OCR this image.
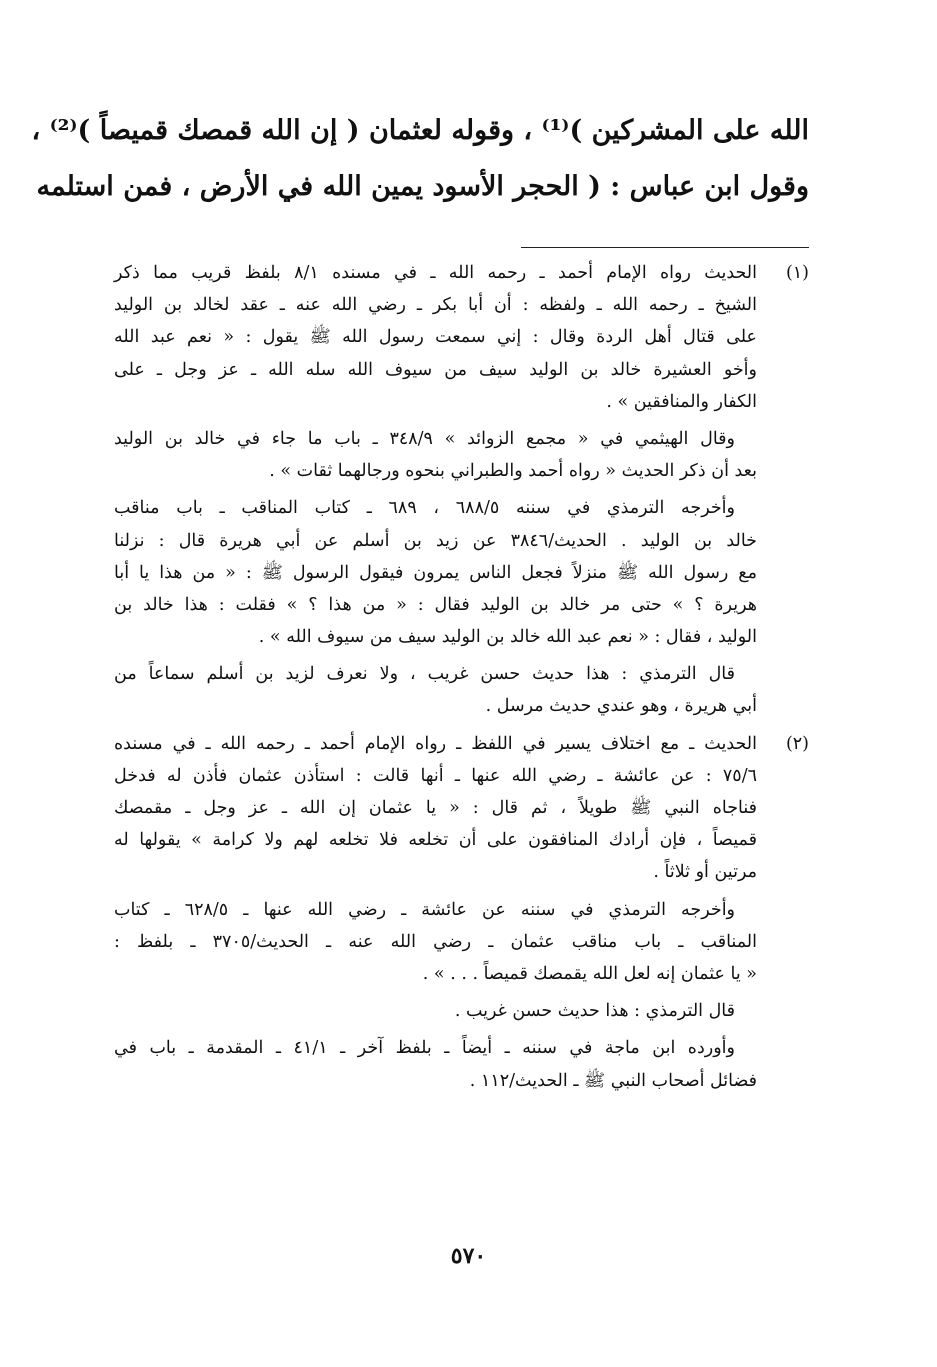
الله على المشركين )⁽¹⁾ ، وقوله لعثمان ( إن الله قمصك قميصاً )⁽²⁾ ،
وقول ابن عباس : ( الحجر الأسود يمين الله في الأرض ، فمن استلمه
(١)
الحديث رواه الإمام أحمد ـ رحمه الله ـ في مسنده ٨/١ بلفظ قريب مما ذكر
الشيخ ـ رحمه الله ـ ولفظه : أن أبا بكر ـ رضي الله عنه ـ عقد لخالد بن الوليد
على قتال أهل الردة وقال : إني سمعت رسول الله ﷺ يقول : « نعم عبد الله
وأخو العشيرة خالد بن الوليد سيف من سيوف الله سله الله ـ عز وجل ـ على
الكفار والمنافقين » .
وقال الهيثمي في « مجمع الزوائد » ٣٤٨/٩ ـ باب ما جاء في خالد بن الوليد
بعد أن ذكر الحديث « رواه أحمد والطبراني بنحوه ورجالهما ثقات » .
وأخرجه الترمذي في سننه ٦٨٨/٥ ، ٦٨٩ ـ كتاب المناقب ـ باب مناقب
خالد بن الوليد . الحديث/٣٨٤٦ عن زيد بن أسلم عن أبي هريرة قال : نزلنا
مع رسول الله ﷺ منزلاً فجعل الناس يمرون فيقول الرسول ﷺ : « من هذا يا أبا
هريرة ؟ » حتى مر خالد بن الوليد فقال : « من هذا ؟ » فقلت : هذا خالد بن
الوليد ، فقال : « نعم عبد الله خالد بن الوليد سيف من سيوف الله » .
قال الترمذي : هذا حديث حسن غريب ، ولا نعرف لزيد بن أسلم سماعاً من
أبي هريرة ، وهو عندي حديث مرسل .
(٢)
الحديث ـ مع اختلاف يسير في اللفظ ـ رواه الإمام أحمد ـ رحمه الله ـ في مسنده
٧٥/٦ : عن عائشة ـ رضي الله عنها ـ أنها قالت : استأذن عثمان فأذن له فدخل
فناجاه النبي ﷺ طويلاً ، ثم قال : « يا عثمان إن الله ـ عز وجل ـ مقمصك
قميصاً ، فإن أرادك المنافقون على أن تخلعه فلا تخلعه لهم ولا كرامة » يقولها له
مرتين أو ثلاثاً .
وأخرجه الترمذي في سننه عن عائشة ـ رضي الله عنها ـ ٦٢٨/٥ ـ كتاب
المناقب ـ باب مناقب عثمان ـ رضي الله عنه ـ الحديث/٣٧٠٥ ـ بلفظ :
« يا عثمان إنه لعل الله يقمصك قميصاً . . . » .
قال الترمذي : هذا حديث حسن غريب .
وأورده ابن ماجة في سننه ـ أيضاً ـ بلفظ آخر ـ ٤١/١ ـ المقدمة ـ باب في
فضائل أصحاب النبي ﷺ ـ الحديث/١١٢ .
٥٧٠
